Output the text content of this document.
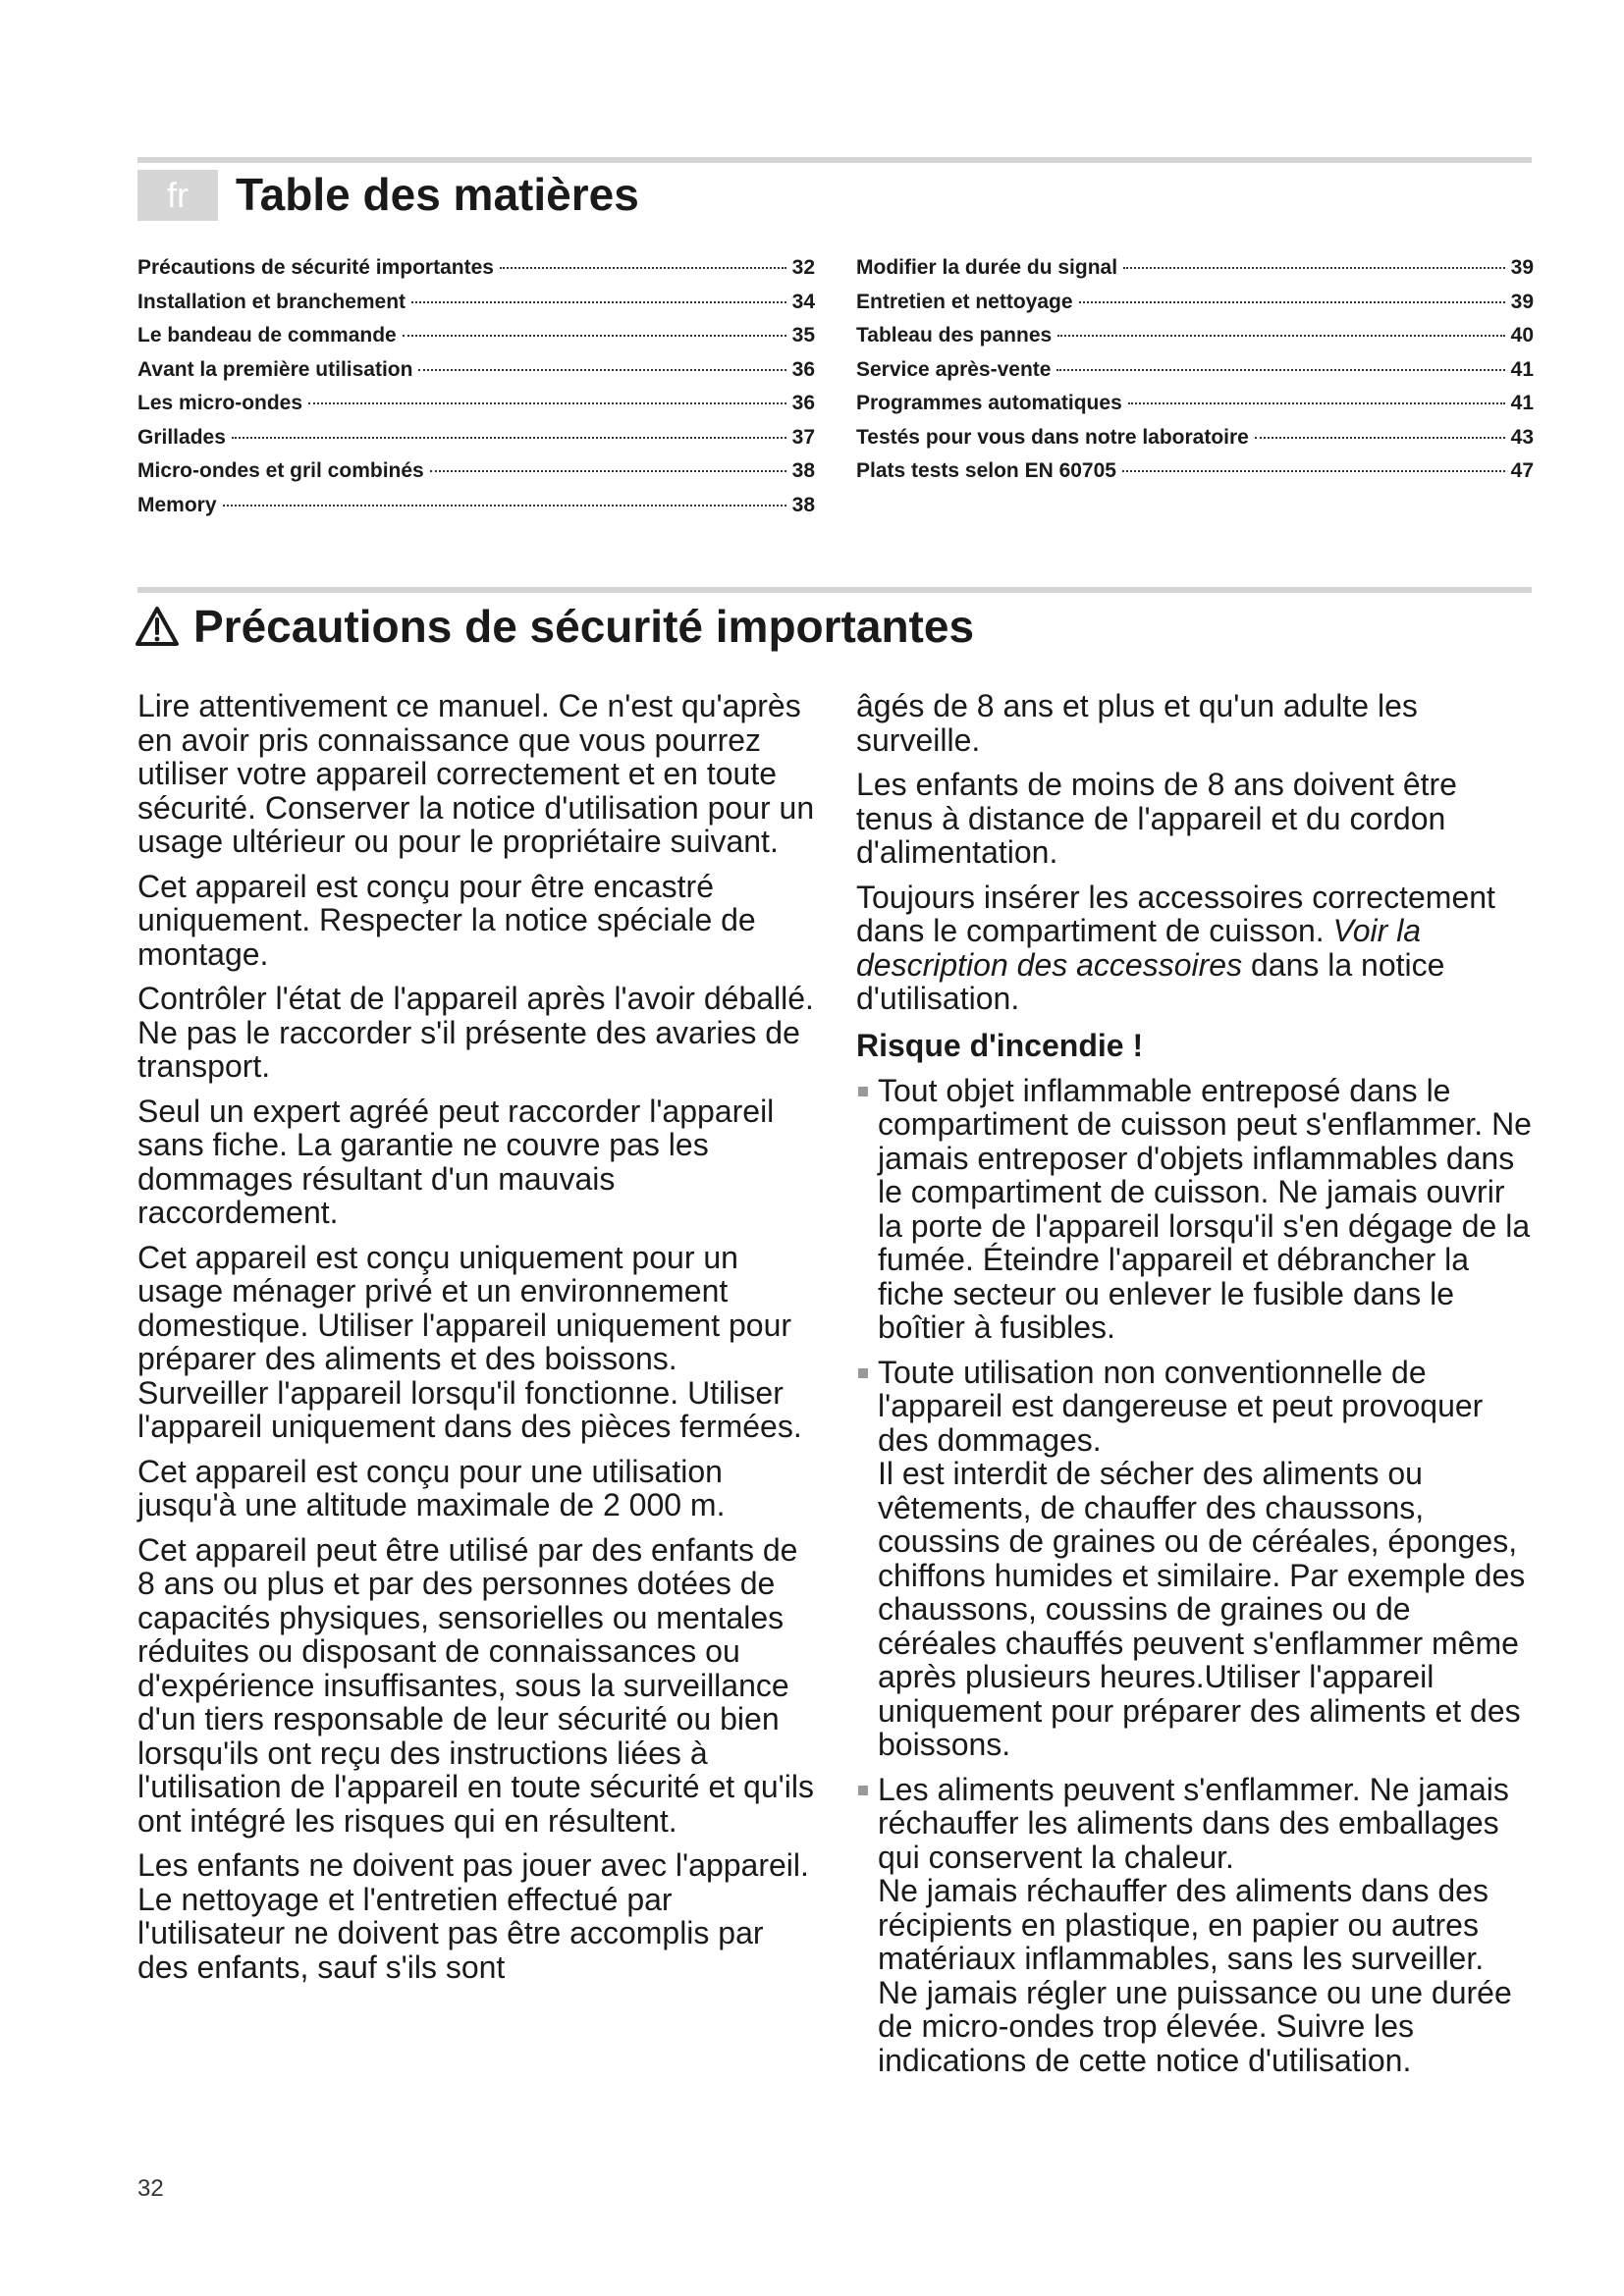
fr	Table des matières
Précautions de sécurité importantes	32
Installation et branchement	34
Le bandeau de commande	35
Avant la première utilisation	36
Les micro-ondes	36
Grillades	37
Micro-ondes et gril combinés	38
Memory	38
Modifier la durée du signal	39
Entretien et nettoyage	39
Tableau des pannes	40
Service après-vente	41
Programmes automatiques	41
Testés pour vous dans notre laboratoire	43
Plats tests selon EN 60705	47
Précautions de sécurité importantes

Lire attentivement ce manuel. Ce n'est qu'après en avoir pris connaissance que vous pourrez utiliser votre appareil correctement et en toute sécurité. Conserver la notice d'utilisation pour un usage ultérieur ou pour le propriétaire suivant.

Cet appareil est conçu pour être encastré uniquement. Respecter la notice spéciale de montage.

Contrôler l'état de l'appareil après l'avoir déballé. Ne pas le raccorder s'il présente des avaries de transport.

Seul un expert agréé peut raccorder l'appareil sans fiche. La garantie ne couvre pas les dommages résultant d'un mauvais raccordement.

Cet appareil est conçu uniquement pour un usage ménager privé et un environnement domestique. Utiliser l'appareil uniquement pour préparer des aliments et des boissons. Surveiller l'appareil lorsqu'il fonctionne. Utiliser l'appareil uniquement dans des pièces fermées.

Cet appareil est conçu pour une utilisation jusqu'à une altitude maximale de 2 000 m.

Cet appareil peut être utilisé par des enfants de 8 ans ou plus et par des personnes dotées de capacités physiques, sensorielles ou mentales réduites ou disposant de connaissances ou d'expérience insuffisantes, sous la surveillance d'un tiers responsable de leur sécurité ou bien lorsqu'ils ont reçu des instructions liées à l'utilisation de l'appareil en toute sécurité et qu'ils ont intégré les risques qui en résultent.

Les enfants ne doivent pas jouer avec l'appareil. Le nettoyage et l'entretien effectué par l'utilisateur ne doivent pas être accomplis par des enfants, sauf s'ils sont

âgés de 8 ans et plus et qu'un adulte les surveille.

Les enfants de moins de 8 ans doivent être tenus à distance de l'appareil et du cordon d'alimentation.

Toujours insérer les accessoires correctement dans le compartiment de cuisson. Voir la description des accessoires dans la notice d'utilisation.

Risque d'incendie !
Tout objet inflammable entreposé dans le compartiment de cuisson peut s'enflammer. Ne jamais entreposer d'objets inflammables dans le compartiment de cuisson. Ne jamais ouvrir la porte de l'appareil lorsqu'il s'en dégage de la fumée. Éteindre l'appareil et débrancher la fiche secteur ou enlever le fusible dans le boîtier à fusibles.
Toute utilisation non conventionnelle de l'appareil est dangereuse et peut provoquer des dommages.
Il est interdit de sécher des aliments ou vêtements, de chauffer des chaussons, coussins de graines ou de céréales, éponges, chiffons humides et similaire. Par exemple des chaussons, coussins de graines ou de céréales chauffés peuvent s'enflammer même après plusieurs heures.Utiliser l'appareil uniquement pour préparer des aliments et des boissons.
Les aliments peuvent s'enflammer. Ne jamais réchauffer les aliments dans des emballages qui conservent la chaleur.
Ne jamais réchauffer des aliments dans des récipients en plastique, en papier ou autres matériaux inflammables, sans les surveiller.
Ne jamais régler une puissance ou une durée de micro-ondes trop élevée. Suivre les indications de cette notice d'utilisation.
32
